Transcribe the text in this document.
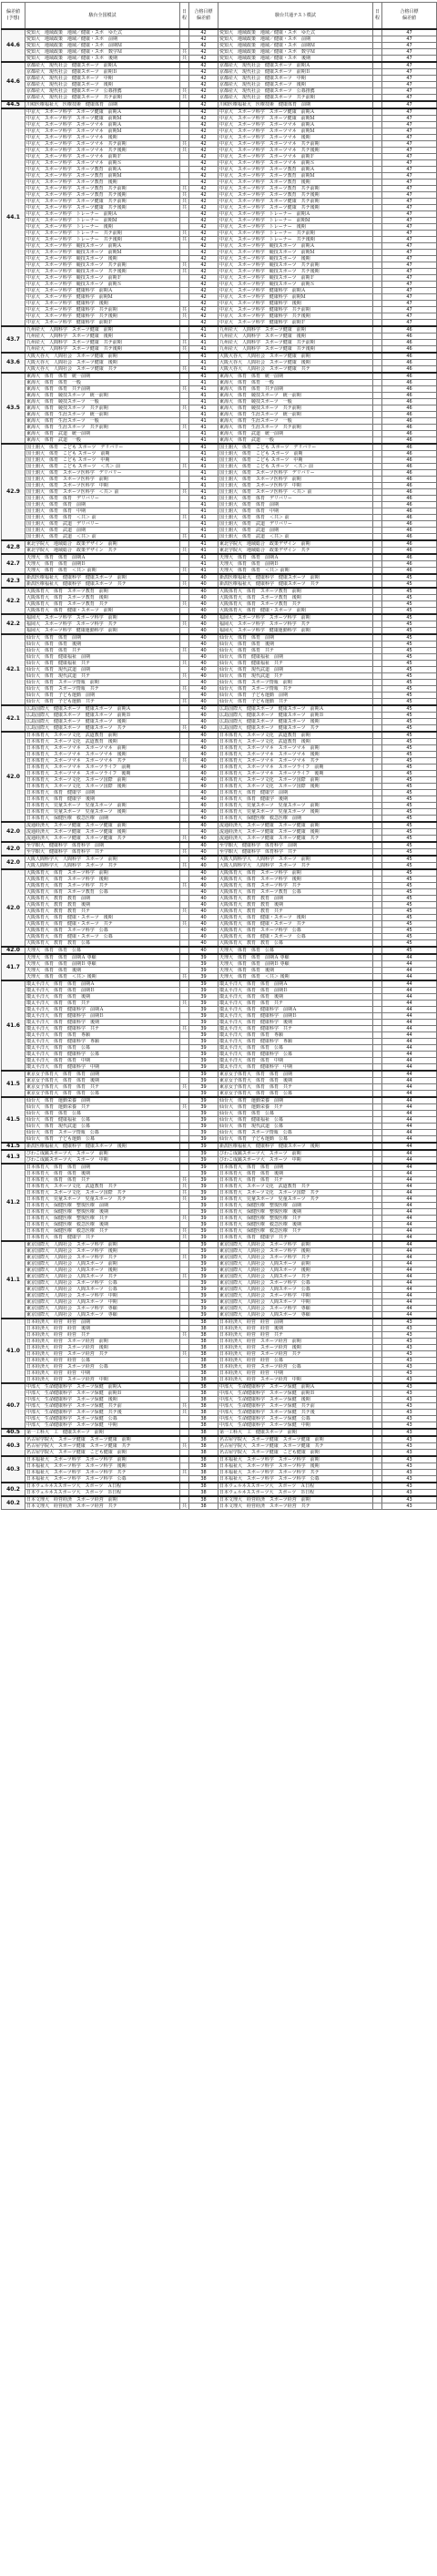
偏差値
(予想)	駿台全国模試	日程	合格目標
偏差値	駿台共通テスト模試	日程	合格目標
偏差値
44.6	愛知大　地域政策　地域／健康・スポ　ゆた式		42	愛知大　地域政策　地域／健康・スポ　ゆた式		47
	愛知大　地域政策　地域／健康・スポ　前期		42	愛知大　地域政策　地域／健康・スポ　前期		47
	愛知大　地域政策　地域／健康・スポ　前期Ｍ		42	愛知大　地域政策　地域／健康・スポ　前期Ｍ		47
	愛知大　地域政策　地域／健康・スポ　数学Ｍ	共	42	愛知大　地域政策　地域／健康・スポ　数学Ｍ		47
	愛知大　地域政策　地域／健康・スポ　後期	共	42	愛知大　地域政策　地域／健康・スポ　後期		47
44.6	京都産大　現代社会　健康スポーツ　前期Ａ		42	京都産大　現代社会　健康スポーツ　前期Ａ		47
	京都産大　現代社会　健康スポーツ　前期Ｂ		42	京都産大　現代社会　健康スポーツ　前期Ｂ		47
	京都産大　現代社会　健康スポーツ　中期		42	京都産大　現代社会　健康スポーツ　中期		47
	京都産大　現代社会　健康スポーツ　後期		42	京都産大　現代社会　健康スポーツ　後期		47
	京都産大　現代社会　健康スポーツ　公募推薦	共	42	京都産大　現代社会　健康スポーツ　公募推薦		47
	京都産大　現代社会　健康スポーツ　共テ前期	共	42	京都産大　現代社会　健康スポーツ　共テ前期		47
44.5	川崎医療福祉大　医療技術　健康体育　前期		42	川崎医療福祉大　医療技術　健康体育　前期		47
44.1	中京大　スポーツ科学　スポーツ健康　前期Ａ		42	中京大　スポーツ科学　スポーツ健康　前期Ａ		47
	中京大　スポーツ科学　スポーツ健康　前期Ｍ		42	中京大　スポーツ科学　スポーツ健康　前期Ｍ		47
	中京大　スポーツ科学　スポーツマネ　前期Ａ		42	中京大　スポーツ科学　スポーツマネ　前期Ａ		47
	中京大　スポーツ科学　スポーツマネ　前期Ｍ		42	中京大　スポーツ科学　スポーツマネ　前期Ｍ		47
	中京大　スポーツ科学　スポーツマネ　後期		42	中京大　スポーツ科学　スポーツマネ　後期		47
	中京大　スポーツ科学　スポーツマネ　共テ前期	共	42	中京大　スポーツ科学　スポーツマネ　共テ前期		47
	中京大　スポーツ科学　スポーツマネ　共テ後期	共	42	中京大　スポーツ科学　スポーツマネ　共テ後期		47
	中京大　スポーツ科学　スポーツマネ　前期Ｆ		42	中京大　スポーツ科学　スポーツマネ　前期Ｆ		47
	中京大　スポーツ科学　スポーツマネ　前期Ｓ		42	中京大　スポーツ科学　スポーツマネ　前期Ｓ		47
	中京大　スポーツ科学　スポーツ教育　前期Ａ		42	中京大　スポーツ科学　スポーツ教育　前期Ａ		47
	中京大　スポーツ科学　スポーツ教育　前期Ｍ		42	中京大　スポーツ科学　スポーツ教育　前期Ｍ		47
	中京大　スポーツ科学　スポーツ教育　後期		42	中京大　スポーツ科学　スポーツ教育　後期		47
	中京大　スポーツ科学　スポーツ教育　共テ前期	共	42	中京大　スポーツ科学　スポーツ教育　共テ前期		47
	中京大　スポーツ科学　スポーツ教育　共テ後期	共	42	中京大　スポーツ科学　スポーツ教育　共テ後期		47
	中京大　スポーツ科学　スポーツ健康　共テ前期	共	42	中京大　スポーツ科学　スポーツ健康　共テ前期		47
	中京大　スポーツ科学　スポーツ健康　共テ後期	共	42	中京大　スポーツ科学　スポーツ健康　共テ後期		47
	中京大　スポーツ科学　トレーナー　前期Ａ		42	中京大　スポーツ科学　トレーナー　前期Ａ		47
	中京大　スポーツ科学　トレーナー　前期Ｍ		42	中京大　スポーツ科学　トレーナー　前期Ｍ		47
	中京大　スポーツ科学　トレーナー　後期		42	中京大　スポーツ科学　トレーナー　後期		47
	中京大　スポーツ科学　トレーナー　共テ前期	共	42	中京大　スポーツ科学　トレーナー　共テ前期		47
	中京大　スポーツ科学　トレーナー　共テ後期	共	42	中京大　スポーツ科学　トレーナー　共テ後期		47
	中京大　スポーツ科学　競技スポーツ　前期Ａ		42	中京大　スポーツ科学　競技スポーツ　前期Ａ		47
	中京大　スポーツ科学　競技スポーツ　前期Ｍ		42	中京大　スポーツ科学　競技スポーツ　前期Ｍ		47
	中京大　スポーツ科学　競技スポーツ　後期		42	中京大　スポーツ科学　競技スポーツ　後期		47
	中京大　スポーツ科学　競技スポーツ　共テ前期	共	42	中京大　スポーツ科学　競技スポーツ　共テ前期		47
	中京大　スポーツ科学　競技スポーツ　共テ後期	共	42	中京大　スポーツ科学　競技スポーツ　共テ後期		47
	中京大　スポーツ科学　競技スポーツ　前期Ｆ		42	中京大　スポーツ科学　競技スポーツ　前期Ｆ		47
	中京大　スポーツ科学　競技スポーツ　前期Ｓ		42	中京大　スポーツ科学　競技スポーツ　前期Ｓ		47
	中京大　スポーツ科学　健康科学　前期Ａ		42	中京大　スポーツ科学　健康科学　前期Ａ		47
	中京大　スポーツ科学　健康科学　前期Ｍ		42	中京大　スポーツ科学　健康科学　前期Ｍ		47
	中京大　スポーツ科学　健康科学　後期		42	中京大　スポーツ科学　健康科学　後期		47
	中京大　スポーツ科学　健康科学　共テ前期	共	42	中京大　スポーツ科学　健康科学　共テ前期		47
	中京大　スポーツ科学　健康科学　共テ後期	共	42	中京大　スポーツ科学　健康科学　共テ後期		47
	中京大　スポーツ科学　健康科学　前期Ｆ		42	中京大　スポーツ科学　健康科学　前期Ｆ		47
43.7	九州産大　人間科学　スポーツ健康　前期		41	九州産大　人間科学　スポーツ健康　前期		46
	九州産大　人間科学　スポーツ健康　後期		41	九州産大　人間科学　スポーツ健康　後期		46
	九州産大　人間科学　スポーツ健康　共テ前期	共	41	九州産大　人間科学　スポーツ健康　共テ前期		46
	九州産大　人間科学　スポーツ健康　共テ後期	共	41	九州産大　人間科学　スポーツ健康　共テ後期		46
43.6	大阪大谷大　人間社会　スポーツ健康　前期		41	大阪大谷大　人間社会　スポーツ健康　前期		46
	大阪大谷大　人間社会　スポーツ健康　後期		41	大阪大谷大　人間社会　スポーツ健康　後期		46
	大阪大谷大　人間社会　スポーツ健康　共テ	共	41	大阪大谷大　人間社会　スポーツ健康　共テ		46
43.5	東海大　体育　体育　統一前期		41	東海大　体育　体育　統一前期		46
	東海大　体育　体育　一般		41	東海大　体育　体育　一般		46
	東海大　体育　体育　共テ前期	共	41	東海大　体育　体育　共テ前期		46
	東海大　体育　競技スポーツ　統一前期		41	東海大　体育　競技スポーツ　統一前期		46
	東海大　体育　競技スポーツ　一般		41	東海大　体育　競技スポーツ　一般		46
	東海大　体育　競技スポーツ　共テ前期	共	41	東海大　体育　競技スポーツ　共テ前期		46
	東海大　体育　生涯スポーツ　統一前期		41	東海大　体育　生涯スポーツ　統一前期		46
	東海大　体育　生涯スポーツ　一般		41	東海大　体育　生涯スポーツ　一般		46
	東海大　体育　生涯スポーツ　共テ前期	共	41	東海大　体育　生涯スポーツ　共テ前期		46
	東海大　体育　武道　統一前期		41	東海大　体育　武道　統一前期		46
	東海大　体育　武道　一般		41	東海大　体育　武道　一般		46
42.9	国士舘大　体育　こども スポーツ　デリバリー		41	国士舘大　体育　こども スポーツ　デリバリー		46
	国士舘大　体育　こども スポーツ　前期		41	国士舘大　体育　こども スポーツ　前期		46
	国士舘大　体育　こども スポーツ　中期		41	国士舘大　体育　こども スポーツ　中期		46
	国士舘大　体育　こども スポーツ　＜共＞ 前	共	41	国士舘大　体育　こども スポーツ　＜共＞ 前		46
	国士舘大　体育　スポーツ医科学　デリバリー		41	国士舘大　体育　スポーツ医科学　デリバリー		46
	国士舘大　体育　スポーツ医科学　前期		41	国士舘大　体育　スポーツ医科学　前期		46
	国士舘大　体育　スポーツ医科学　中期		41	国士舘大　体育　スポーツ医科学　中期		46
	国士舘大　体育　スポーツ医科学　＜共＞ 前	共	41	国士舘大　体育　スポーツ医科学　＜共＞ 前		46
	国士舘大　体育　体育　デリバリー		41	国士舘大　体育　体育　デリバリー		46
	国士舘大　体育　体育　前期		41	国士舘大　体育　体育　前期		46
	国士舘大　体育　体育　中期		41	国士舘大　体育　体育　中期		46
	国士舘大　体育　体育　＜共＞ 前	共	41	国士舘大　体育　体育　＜共＞ 前		46
	国士舘大　体育　武道　デリバリー		41	国士舘大　体育　武道　デリバリー		46
	国士舘大　体育　武道　前期		41	国士舘大　体育　武道　前期		46
	国士舘大　体育　武道　＜共＞ 前	共	41	国士舘大　体育　武道　＜共＞ 前		46
42.8	東北学院大　地域総合　政策デザイン　前期		41	東北学院大　地域総合　政策デザイン　前期		46
	東北学院大　地域総合　政策デザイン　共テ	共	41	東北学院大　地域総合　政策デザイン　共テ		46
42.7	天理大　体育　体育　前期Ａ		41	天理大　体育　体育　前期Ａ		46
	天理大　体育　体育　前期Ｂ		41	天理大　体育　体育　前期Ｂ		46
	天理大　体育　体育　＜共＞ 前期	共	41	天理大　体育　体育　＜共＞ 前期		46
42.3	新潟医療福祉大　健康科学　健康スポーツ　前期		40	新潟医療福祉大　健康科学　健康スポーツ　前期		45
	新潟医療福祉大　健康科学　健康スポーツ　共テ	共	40	新潟医療福祉大　健康科学　健康スポーツ　共テ		45
42.2	大阪体育大　体育　スポーツ教育　前期		40	大阪体育大　体育　スポーツ教育　前期		45
	大阪体育大　体育　スポーツ教育　後期		40	大阪体育大　体育　スポーツ教育　後期		45
	大阪体育大　体育　スポーツ教育　共テ	共	40	大阪体育大　体育　スポーツ教育　共テ		45
	大阪体育大　体育　健康・スポーツ　前期		40	大阪体育大　体育　健康・スポーツ　前期		45
42.2	福岡大　スポーツ科学　スポーツ科学　前期		40	福岡大　スポーツ科学　スポーツ科学　前期		45
	福岡大　スポーツ科学　スポーツ科学　共テ	共	40	福岡大　スポーツ科学　スポーツ科学　共テ		45
	福岡大　スポーツ科学　健康運動科学　前期		40	福岡大　スポーツ科学　健康運動科学　前期		45
42.1	仙台大　体育　体育　前期		40	仙台大　体育　体育　前期		45
	仙台大　体育　体育　後期		40	仙台大　体育　体育　後期		45
	仙台大　体育　体育　共テ	共	40	仙台大　体育　体育　共テ		45
	仙台大　体育　健康福祉　前期		40	仙台大　体育　健康福祉　前期		45
	仙台大　体育　健康福祉　共テ	共	40	仙台大　体育　健康福祉　共テ		45
	仙台大　体育　現代武道　前期		40	仙台大　体育　現代武道　前期		45
	仙台大　体育　現代武道　共テ	共	40	仙台大　体育　現代武道　共テ		45
	仙台大　体育　スポーツ情報　前期		40	仙台大　体育　スポーツ情報　前期		45
	仙台大　体育　スポーツ情報　共テ	共	40	仙台大　体育　スポーツ情報　共テ		45
	仙台大　体育　子ども運動　前期		40	仙台大　体育　子ども運動　前期		45
	仙台大　体育　子ども運動　共テ	共	40	仙台大　体育　子ども運動　共テ		45
42.1	広島国際大　健康スポーツ　健康スポーツ　前期Ａ		40	広島国際大　健康スポーツ　健康スポーツ　前期Ａ		45
	広島国際大　健康スポーツ　健康スポーツ　前期Ｂ		40	広島国際大　健康スポーツ　健康スポーツ　前期Ｂ		45
	広島国際大　健康スポーツ　健康スポーツ　後期		40	広島国際大　健康スポーツ　健康スポーツ　後期		45
	広島国際大　健康スポーツ　健康スポーツ　共テ	共	40	広島国際大　健康スポーツ　健康スポーツ　共テ		45
42.0	日本体育大　スポーツ文化　武道教育　前期		40	日本体育大　スポーツ文化　武道教育　前期		45
	日本体育大　スポーツ文化　武道教育　後期		40	日本体育大　スポーツ文化　武道教育　後期		45
	日本体育大　スポーツマネ　スポーツマネ　前期		40	日本体育大　スポーツマネ　スポーツマネ　前期		45
	日本体育大　スポーツマネ　スポーツマネ　後期		40	日本体育大　スポーツマネ　スポーツマネ　後期		45
	日本体育大　スポーツマネ　スポーツマネ　共テ	共	40	日本体育大　スポーツマネ　スポーツマネ　共テ		45
	日本体育大　スポーツマネ　スポーツライフ　前期		40	日本体育大　スポーツマネ　スポーツライフ　前期		45
	日本体育大　スポーツマネ　スポーツライフ　後期		40	日本体育大　スポーツマネ　スポーツライフ　後期		45
	日本体育大　スポーツ文化　スポーツ国際　前期		40	日本体育大　スポーツ文化　スポーツ国際　前期		45
	日本体育大　スポーツ文化　スポーツ国際　後期		40	日本体育大　スポーツ文化　スポーツ国際　後期		45
	日本体育大　体育　健康学　前期		40	日本体育大　体育　健康学　前期		45
	日本体育大　体育　健康学　後期		40	日本体育大　体育　健康学　後期		45
	日本体育大　児童スポーツ　児童スポーツ　前期		40	日本体育大　児童スポーツ　児童スポーツ　前期		45
	日本体育大　児童スポーツ　児童スポーツ　後期		40	日本体育大　児童スポーツ　児童スポーツ　後期		45
	日本体育大　保健医療　救急医療　前期		40	日本体育大　保健医療　救急医療　前期		45
42.0	流通経済大　スポーツ健康　スポーツ健康　前期		40	流通経済大　スポーツ健康　スポーツ健康　前期		45
	流通経済大　スポーツ健康　スポーツ健康　後期		40	流通経済大　スポーツ健康　スポーツ健康　後期		45
	流通経済大　スポーツ健康　スポーツ健康　共テ	共	40	流通経済大　スポーツ健康　スポーツ健康　共テ		45
42.0	至学館大　健康科学　体育科学　前期		40	至学館大　健康科学　体育科学　前期		45
	至学館大　健康科学　体育科学　共テ	共	40	至学館大　健康科学　体育科学　共テ		45
42.0	大阪人間科学大　人間科学　スポーツ　前期		40	大阪人間科学大　人間科学　スポーツ　前期		45
	大阪人間科学大　人間科学　スポーツ　共テ	共	40	大阪人間科学大　人間科学　スポーツ　共テ		45
42.0	大阪体育大　体育　スポーツ科学　前期		40	大阪体育大　体育　スポーツ科学　前期		45
	大阪体育大　体育　スポーツ科学　後期		40	大阪体育大　体育　スポーツ科学　後期		45
	大阪体育大　体育　スポーツ科学　共テ	共	40	大阪体育大　体育　スポーツ科学　共テ		45
	大阪体育大　体育　スポーツ教育　公募		40	大阪体育大　体育　スポーツ教育　公募		45
	大阪体育大　教育　教育　前期		40	大阪体育大　教育　教育　前期		45
	大阪体育大　教育　教育　後期		40	大阪体育大　教育　教育　後期		45
	大阪体育大　教育　教育　共テ	共	40	大阪体育大　教育　教育　共テ		45
	大阪体育大　体育　健康・スポーツ　後期		40	大阪体育大　体育　健康・スポーツ　後期		45
	大阪体育大　体育　健康・スポーツ　共テ	共	40	大阪体育大　体育　健康・スポーツ　共テ		45
	大阪体育大　体育　スポーツ科学　公募		40	大阪体育大　体育　スポーツ科学　公募		45
	大阪体育大　体育　健康・スポーツ　公募		40	大阪体育大　体育　健康・スポーツ　公募		45
	大阪体育大　教育　教育　公募		40	大阪体育大　教育　教育　公募		45
42.0	天理大　体育　体育　公募		40	天理大　体育　体育　公募		45
41.7	天理大　体育　体育　前期Ａ 専願		39	天理大　体育　体育　前期Ａ 専願		44
	天理大　体育　体育　前期Ｂ 専願		39	天理大　体育　体育　前期Ｂ 専願		44
	天理大　体育　体育　後期		39	天理大　体育　体育　後期		44
	天理大　体育　体育　＜共＞ 後期	共	39	天理大　体育　体育　＜共＞ 後期		44
41.6	環太平洋大　体育　体育　前期Ａ		39	環太平洋大　体育　体育　前期Ａ		44
	環太平洋大　体育　体育　前期Ｂ		39	環太平洋大　体育　体育　前期Ｂ		44
	環太平洋大　体育　体育　後期		39	環太平洋大　体育　体育　後期		44
	環太平洋大　体育　体育　共テ	共	39	環太平洋大　体育　体育　共テ		44
	環太平洋大　体育　健康科学　前期Ａ		39	環太平洋大　体育　健康科学　前期Ａ		44
	環太平洋大　体育　健康科学　前期Ｂ		39	環太平洋大　体育　健康科学　前期Ｂ		44
	環太平洋大　体育　健康科学　後期		39	環太平洋大　体育　健康科学　後期		44
	環太平洋大　体育　健康科学　共テ	共	39	環太平洋大　体育　健康科学　共テ		44
	環太平洋大　体育　体育　専願		39	環太平洋大　体育　体育　専願		44
	環太平洋大　体育　健康科学　専願		39	環太平洋大　体育　健康科学　専願		44
	環太平洋大　体育　体育　公募		39	環太平洋大　体育　体育　公募		44
	環太平洋大　体育　健康科学　公募		39	環太平洋大　体育　健康科学　公募		44
	環太平洋大　体育　体育　中期		39	環太平洋大　体育　体育　中期		44
	環太平洋大　体育　健康科学　中期		39	環太平洋大　体育　健康科学　中期		44
41.5	東京女子体育大　体育　体育　前期		39	東京女子体育大　体育　体育　前期		44
	東京女子体育大　体育　体育　後期		39	東京女子体育大　体育　体育　後期		44
	東京女子体育大　体育　体育　共テ	共	39	東京女子体育大　体育　体育　共テ		44
	東京女子体育大　体育　体育　公募		39	東京女子体育大　体育　体育　公募		44
41.5	仙台大　体育　運動栄養　前期		39	仙台大　体育　運動栄養　前期		44
	仙台大　体育　運動栄養　共テ	共	39	仙台大　体育　運動栄養　共テ		44
	仙台大　体育　体育　公募		39	仙台大　体育　体育　公募		44
	仙台大　体育　健康福祉　公募		39	仙台大　体育　健康福祉　公募		44
	仙台大　体育　現代武道　公募		39	仙台大　体育　現代武道　公募		44
	仙台大　体育　スポーツ情報　公募		39	仙台大　体育　スポーツ情報　公募		44
	仙台大　体育　子ども運動　公募		39	仙台大　体育　子ども運動　公募		44
41.5	新潟医療福祉大　健康科学　健康スポーツ　後期		39	新潟医療福祉大　健康科学　健康スポーツ　後期		44
41.3	びわこ成蹊スポーツ大　スポーツ　前期		39	びわこ成蹊スポーツ大　スポーツ　前期		44
	びわこ成蹊スポーツ大　スポーツ　中期		39	びわこ成蹊スポーツ大　スポーツ　中期		44
41.2	日本体育大　体育　体育　前期		39	日本体育大　体育　体育　前期		44
	日本体育大　体育　体育　後期		39	日本体育大　体育　体育　後期		44
	日本体育大　体育　体育　共テ	共	39	日本体育大　体育　体育　共テ		44
	日本体育大　スポーツ文化　武道教育　共テ	共	39	日本体育大　スポーツ文化　武道教育　共テ		44
	日本体育大　スポーツ文化　スポーツ国際　共テ	共	39	日本体育大　スポーツ文化　スポーツ国際　共テ		44
	日本体育大　児童スポーツ　児童スポーツ　共テ	共	39	日本体育大　児童スポーツ　児童スポーツ　共テ		44
	日本体育大　保健医療　整復医療　前期		39	日本体育大　保健医療　整復医療　前期		44
	日本体育大　保健医療　整復医療　後期		39	日本体育大　保健医療　整復医療　後期		44
	日本体育大　保健医療　整復医療　共テ	共	39	日本体育大　保健医療　整復医療　共テ		44
	日本体育大　保健医療　救急医療　後期		39	日本体育大　保健医療　救急医療　後期		44
	日本体育大　保健医療　救急医療　共テ	共	39	日本体育大　保健医療　救急医療　共テ		44
	日本体育大　体育　健康学　共テ	共	39	日本体育大　体育　健康学　共テ		44
41.1	東京国際大　人間社会　スポーツ科学　前期		39	東京国際大　人間社会　スポーツ科学　前期		44
	東京国際大　人間社会　スポーツ科学　後期		39	東京国際大　人間社会　スポーツ科学　後期		44
	東京国際大　人間社会　スポーツ科学　共テ	共	39	東京国際大　人間社会　スポーツ科学　共テ		44
	東京国際大　人間社会　人間スポーツ　前期		39	東京国際大　人間社会　人間スポーツ　前期		44
	東京国際大　人間社会　人間スポーツ　後期		39	東京国際大　人間社会　人間スポーツ　後期		44
	東京国際大　人間社会　人間スポーツ　共テ	共	39	東京国際大　人間社会　人間スポーツ　共テ		44
	東京国際大　人間社会　スポーツ科学　公募		39	東京国際大　人間社会　スポーツ科学　公募		44
	東京国際大　人間社会　人間スポーツ　公募		39	東京国際大　人間社会　人間スポーツ　公募		44
	東京国際大　人間社会　スポーツ科学　中期		39	東京国際大　人間社会　スポーツ科学　中期		44
	東京国際大　人間社会　人間スポーツ　中期		39	東京国際大　人間社会　人間スポーツ　中期		44
	東京国際大　人間社会　スポーツ科学　専願		39	東京国際大　人間社会　スポーツ科学　専願		44
	東京国際大　人間社会　人間スポーツ　専願		39	東京国際大　人間社会　人間スポーツ　専願		44
41.0	日本経済大　経営　経営　前期		38	日本経済大　経営　経営　前期		43
	日本経済大　経営　経営　後期		38	日本経済大　経営　経営　後期		43
	日本経済大　経営　経営　共テ	共	38	日本経済大　経営　経営　共テ		43
	日本経済大　経営　スポーツ経営　前期		38	日本経済大　経営　スポーツ経営　前期		43
	日本経済大　経営　スポーツ経営　後期		38	日本経済大　経営　スポーツ経営　後期		43
	日本経済大　経営　スポーツ経営　共テ	共	38	日本経済大　経営　スポーツ経営　共テ		43
	日本経済大　経営　経営　公募		38	日本経済大　経営　経営　公募		43
	日本経済大　経営　スポーツ経営　公募		38	日本経済大　経営　スポーツ経営　公募		43
	日本経済大　経営　経営　中期		38	日本経済大　経営　経営　中期		43
	日本経済大　経営　スポーツ経営　中期		38	日本経済大　経営　スポーツ経営　中期		43
40.7	中部大　生命健康科学　スポーツ保健　前期Ａ		38	中部大　生命健康科学　スポーツ保健　前期Ａ		43
	中部大　生命健康科学　スポーツ保健　前期Ｂ		38	中部大　生命健康科学　スポーツ保健　前期Ｂ		43
	中部大　生命健康科学　スポーツ保健　後期		38	中部大　生命健康科学　スポーツ保健　後期		43
	中部大　生命健康科学　スポーツ保健　共テ前	共	38	中部大　生命健康科学　スポーツ保健　共テ前		43
	中部大　生命健康科学　スポーツ保健　共テ後	共	38	中部大　生命健康科学　スポーツ保健　共テ後		43
	中部大　生命健康科学　スポーツ保健　公募		38	中部大　生命健康科学　スポーツ保健　公募		43
	中部大　生命健康科学　スポーツ保健　中期		38	中部大　生命健康科学　スポーツ保健　中期		43
40.5	第一工科大　工　健康スポーツ　前期		38	第一工科大　工　健康スポーツ　前期		43
40.3	名古屋学院大　スポーツ健康　スポーツ健康　前期		38	名古屋学院大　スポーツ健康　スポーツ健康　前期		43
	名古屋学院大　スポーツ健康　スポーツ健康　共テ	共	38	名古屋学院大　スポーツ健康　スポーツ健康　共テ		43
	名古屋学院大　スポーツ健康　こども健康　前期		38	名古屋学院大　スポーツ健康　こども健康　前期		43
40.3	日本福祉大　スポーツ科学　スポーツ科学　前期		38	日本福祉大　スポーツ科学　スポーツ科学　前期		43
	日本福祉大　スポーツ科学　スポーツ科学　後期		38	日本福祉大　スポーツ科学　スポーツ科学　後期		43
	日本福祉大　スポーツ科学　スポーツ科学　共テ	共	38	日本福祉大　スポーツ科学　スポーツ科学　共テ		43
	日本福祉大　スポーツ科学　スポーツ科学　公募		38	日本福祉大　スポーツ科学　スポーツ科学　公募		43
40.2	日本ウェルネススポーツ大　スポーツ　Ａ日程		38	日本ウェルネススポーツ大　スポーツ　Ａ日程		43
	日本ウェルネススポーツ大　スポーツ　Ｂ日程		38	日本ウェルネススポーツ大　スポーツ　Ｂ日程		43
40.2	日本文理大　経営経済　スポーツ経営　前期		38	日本文理大　経営経済　スポーツ経営　前期		43
	日本文理大　経営経済　スポーツ経営　共テ	共	38	日本文理大　経営経済　スポーツ経営　共テ		43
